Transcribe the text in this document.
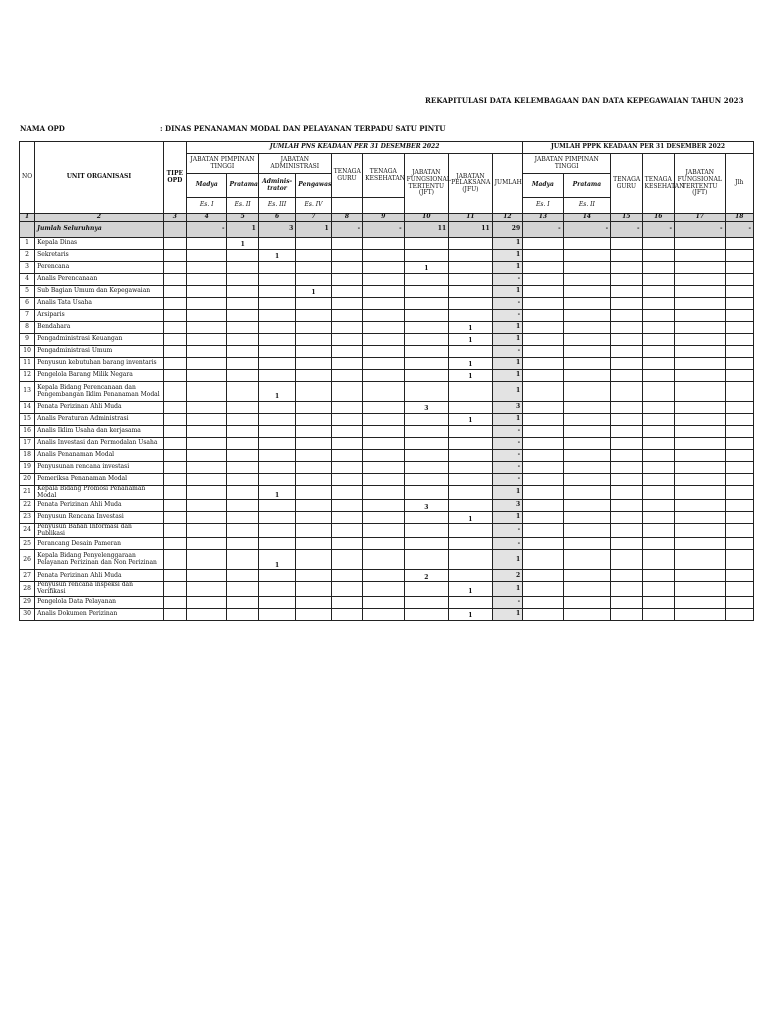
REKAPITULASI DATA KELEMBAGAAN DAN DATA KEPEGAWAIAN TAHUN 2023
NAMA OPD	: DINAS PENANAMAN MODAL DAN PELAYANAN TERPADU SATU PINTU
NO	UNIT ORGANISASI	TIPE OPD	JUMLAH PNS KEADAAN PER 31 DESEMBER 2022									JUMLAH PPPK KEADAAN PER 31 DESEMBER 2022					
			JABATAN PIMPINAN TINGGI		JABATAN ADMINISTRASI		TENAGA GURU	TENAGA KESEHATAN	JABATAN FUNGSIONAL TERTENTU (JFT)	JABATAN PELAKSANA (JFU)	JUMLAH	JABATAN PIMPINAN TINGGI		TENAGA GURU	TENAGA KESEHATAN	JABATAN FUNGSIONAL TERTENTU (JFT)	Jlh
			Madya	Pratama	Adminis-trator	Pengawas						Madya	Pratama				
			Es. I	Es. II	Es. III	Es. IV						Es. I	Es. II				
1	2	3	4	5	6	7	8	9	10	11	12	13	14	15	16	17	18
	Jumlah Seluruhnya		-	1	3	1	-	-	11	11	29	-	-	-	-	-	-
1	Kepala Dinas			1							1						
2	Sekretaris				1						1						
3	Perencana								1		1						
4	Analis Perencanaan										-						
5	Sub Bagian Umum dan Kepegawaian					1					1						
6	Analis Tata Usaha										-						
7	Arsiparis										-						
8	Bendahara									1	1						
9	Pengadministrasi Keuangan									1	1						
10	Pengadministrasi Umum										-						
11	Penyusun kebutuhan barang inventaris									1	1						
12	Pengelola Barang Milik Negara									1	1						
13	Kepala Bidang Perencanaan dan Pengembangan Iklim Penanaman Modal				1						1						
14	Penata Perizinan Ahli Muda								3		3						
15	Analis Peraturan Administrasi									1	1						
16	Analis Iklim Usaha dan kerjasama										-						
17	Analis Investasi dan Permodalan Usaha										-						
18	Analis Penanaman Modal										-						
19	Penyusunan rencana investasi										-						
20	Pemeriksa Penanaman Modal										-						
21	Kepala Bidang Promosi Penanaman Modal				1						1						
22	Penata Perizinan Ahli Muda								3		3						
23	Penyusun Rencana Investasi									1	1						
24	Penyusun Bahan Informasi dan Publikasi										-						
25	Perancang Desain Pameran										-						
26	Kepala Bidang Penyelenggaraan Pelayanan Perizinan dan Non Perizinan				1						1						
27	Penata Perizinan Ahli Muda								2		2						
28	Penyusun rencana inspeksi dan Verifikasi									1	1						
29	Pengelola Data Pelayanan										-						
30	Analis Dokumen Perizinan									1	1						
